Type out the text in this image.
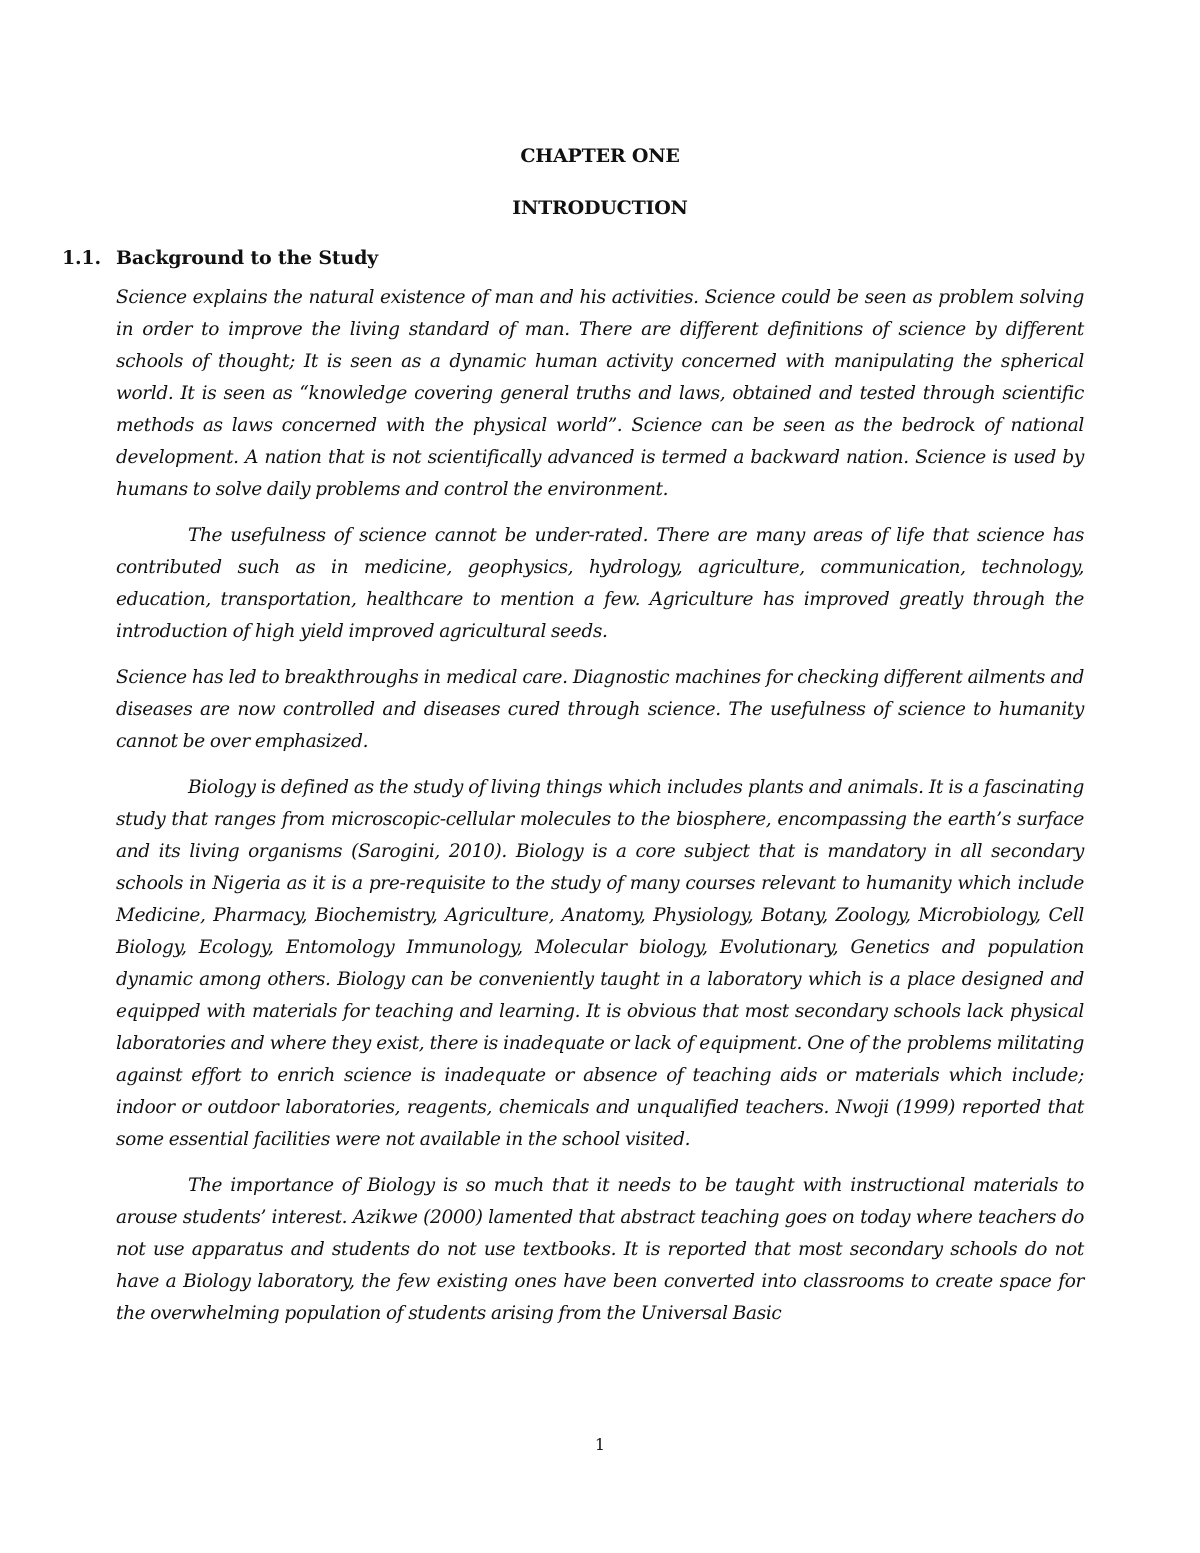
CHAPTER ONE
INTRODUCTION
1.1. Background to the Study

Science explains the natural existence of man and his activities. Science could be seen as problem solving in order to improve the living standard of man. There are different definitions of science by different schools of thought; It is seen as a dynamic human activity concerned with manipulating the spherical world. It is seen as “knowledge covering general truths and laws, obtained and tested through scientific methods as laws concerned with the physical world”. Science can be seen as the bedrock of national development. A nation that is not scientifically advanced is termed a backward nation. Science is used by humans to solve daily problems and control the environment.

The usefulness of science cannot be under-rated. There are many areas of life that science has contributed such as in medicine, geophysics, hydrology, agriculture, communication, technology, education, transportation, healthcare to mention a few. Agriculture has improved greatly through the introduction of high yield improved agricultural seeds.

Science has led to breakthroughs in medical care. Diagnostic machines for checking different ailments and diseases are now controlled and diseases cured through science. The usefulness of science to humanity cannot be over emphasized.

Biology is defined as the study of living things which includes plants and animals. It is a fascinating study that ranges from microscopic-cellular molecules to the biosphere, encompassing the earth’s surface and its living organisms (Sarogini, 2010). Biology is a core subject that is mandatory in all secondary schools in Nigeria as it is a pre-requisite to the study of many courses relevant to humanity which include Medicine, Pharmacy, Biochemistry, Agriculture, Anatomy, Physiology, Botany, Zoology, Microbiology, Cell Biology, Ecology, Entomology Immunology, Molecular biology, Evolutionary, Genetics and population dynamic among others. Biology can be conveniently taught in a laboratory which is a place designed and equipped with materials for teaching and learning. It is obvious that most secondary schools lack physical laboratories and where they exist, there is inadequate or lack of equipment. One of the problems militating against effort to enrich science is inadequate or absence of teaching aids or materials which include; indoor or outdoor laboratories, reagents, chemicals and unqualified teachers. Nwoji (1999) reported that some essential facilities were not available in the school visited.

The importance of Biology is so much that it needs to be taught with instructional materials to arouse students’ interest. Azikwe (2000) lamented that abstract teaching goes on today where teachers do not use apparatus and students do not use textbooks. It is reported that most secondary schools do not have a Biology laboratory, the few existing ones have been converted into classrooms to create space for the overwhelming population of students arising from the Universal Basic

1
